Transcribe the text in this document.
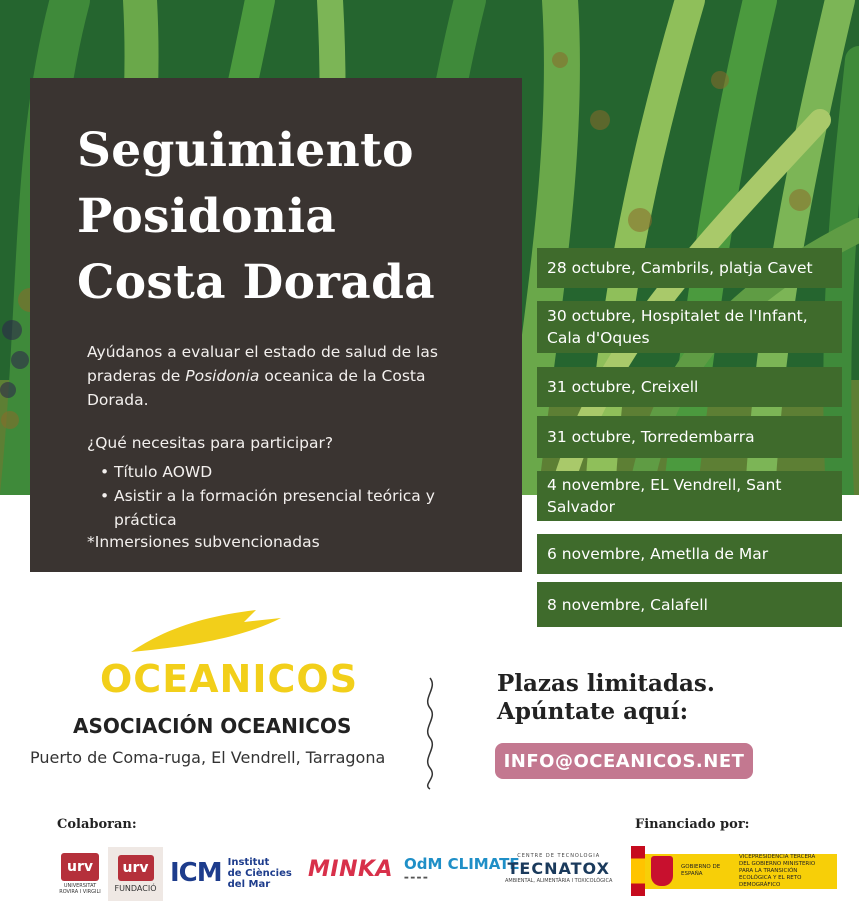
Seguimiento
Posidonia
Costa Dorada

Ayúdanos a evaluar el estado de salud de las praderas de Posidonia oceanica de la Costa Dorada.

¿Qué necesitas para participar?

• Título AOWD
• Asistir a la formación presencial teórica y práctica

*Inmersiones subvencionadas

28 octubre, Cambrils, platja Cavet
30 octubre, Hospitalet de l'Infant, Cala d'Oques
31 octubre, Creixell
31 octubre, Torredembarra
4 novembre, EL Vendrell, Sant Salvador
6 novembre, Ametlla de Mar
8 novembre, Calafell

OCEANICOS

ASOCIACIÓN OCEANICOS

Puerto de Coma-ruga, El Vendrell, Tarragona

Plazas limitadas.
Apúntate aquí:

INFO@OCEANICOS.NET

Colaboran:	Financiado por:

urv
UNIVERSITAT ROVIRA I VIRGILI
urv
FUNDACIÓ
ICM Institut
de Ciències
del Mar
MINKA OdM CLIMATE
▬ ▬ ▬ ▬
CENTRE DE TECNOLOGIA
TECNATOX
AMBIENTAL, ALIMENTÀRIA I TOXICOLÒGICA
GOBIERNO DE ESPAÑA
VICEPRESIDENCIA TERCERA DEL GOBIERNO MINISTERIO PARA LA TRANSICIÓN ECOLÓGICA Y EL RETO DEMOGRÁFICO
